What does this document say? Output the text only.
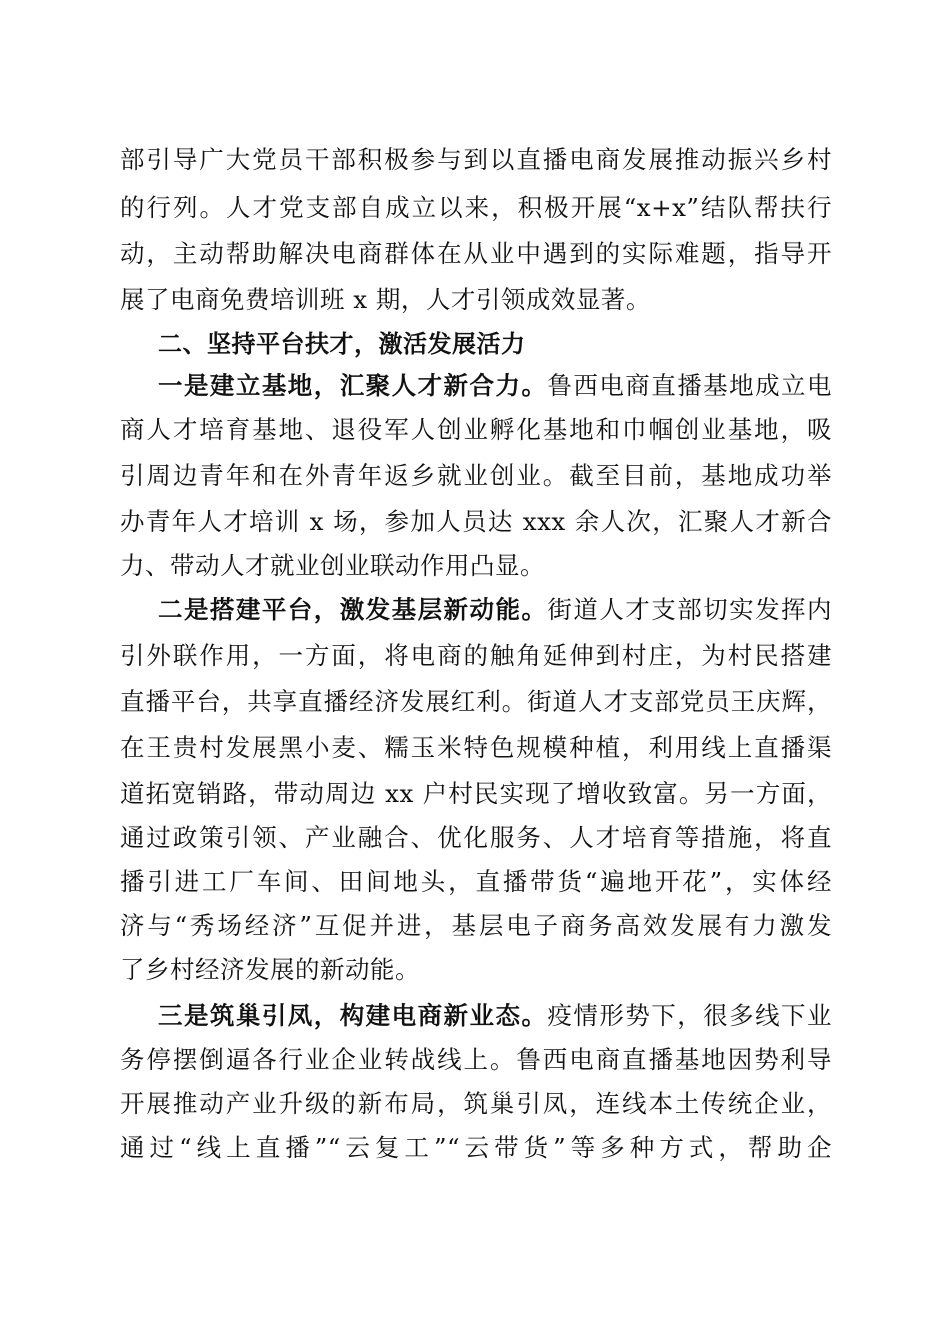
部引导广大党员干部积极参与到以直播电商发展推动振兴乡村
的行列。人才党支部自成立以来，积极开展“x+x”结队帮扶行
动，主动帮助解决电商群体在从业中遇到的实际难题，指导开
展了电商免费培训班 x 期，人才引领成效显著。
二、坚持平台扶才，激活发展活力
一是建立基地，汇聚人才新合力。鲁西电商直播基地成立电
商人才培育基地、退役军人创业孵化基地和巾帼创业基地，吸
引周边青年和在外青年返乡就业创业。截至目前，基地成功举
办青年人才培训 x 场，参加人员达 xxx 余人次，汇聚人才新合
力、带动人才就业创业联动作用凸显。
二是搭建平台，激发基层新动能。街道人才支部切实发挥内
引外联作用，一方面，将电商的触角延伸到村庄，为村民搭建
直播平台，共享直播经济发展红利。街道人才支部党员王庆辉，
在王贵村发展黑小麦、糯玉米特色规模种植，利用线上直播渠
道拓宽销路，带动周边 xx 户村民实现了增收致富。另一方面，
通过政策引领、产业融合、优化服务、人才培育等措施，将直
播引进工厂车间、田间地头，直播带货“遍地开花”，实体经
济与“秀场经济”互促并进，基层电子商务高效发展有力激发
了乡村经济发展的新动能。
三是筑巢引凤，构建电商新业态。疫情形势下，很多线下业
务停摆倒逼各行业企业转战线上。鲁西电商直播基地因势利导
开展推动产业升级的新布局，筑巢引凤，连线本土传统企业，
通过“线上直播”“云复工”“云带货”等多种方式，帮助企
